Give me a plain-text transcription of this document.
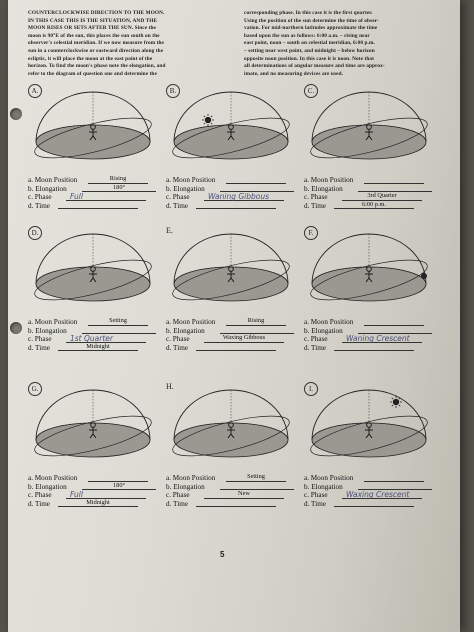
COUNTERCLOCKWISE DIRECTION TO THE MOON.
IN THIS CASE THIS IS THE SITUATION, AND THE
MOON RISES OR SETS AFTER THE SUN. Since the
moon is 90°E of the sun, this places the sun south on the
observer's celestial meridian. If we now measure from the
sun in a counterclockwise or eastward direction along the
ecliptic, it will place the moon at the east point of the
horizon. To find the moon's phase note the elongation, and
refer to the diagram of question one and determine the
corresponding phase. In this case it is the first quarter.
Using the position of the sun determine the time of obser-
vation. For mid-northern latitudes approximate the time
based upon the sun as follows: 6:00 a.m. – rising near
east point, noon – south on celestial meridian, 6:00 p.m.
– setting near west point, and midnight – below horizon
opposite noon position. In this case it is noon. Note that
all determinations of angular measure and time are approx-
imate, and no measuring devices are used.
A.
a. Moon Position	Rising
b. Elongation	180°
c. Phase	Full
d. Time
B.
a. Moon Position
b. Elongation
c. Phase	Waning Gibbous
d. Time
C.
a. Moon Position
b. Elongation
c. Phase	3rd Quarter
d. Time	6:00 p.m.
D.
a. Moon Position	Setting
b. Elongation
c. Phase	1st Quarter
d. Time	Midnight
E.
a. Moon Position	Rising
b. Elongation
c. Phase	Waxing Gibbous
d. Time
F.
a. Moon Position
b. Elongation
c. Phase	Waning Crescent
d. Time
G.
a. Moon Position
b. Elongation	180°
c. Phase	Full
d. Time	Midnight
H.
a. Moon Position	Setting
b. Elongation
c. Phase	New
d. Time
I.
a. Moon Position
b. Elongation
c. Phase	Waxing Crescent
d. Time
5
